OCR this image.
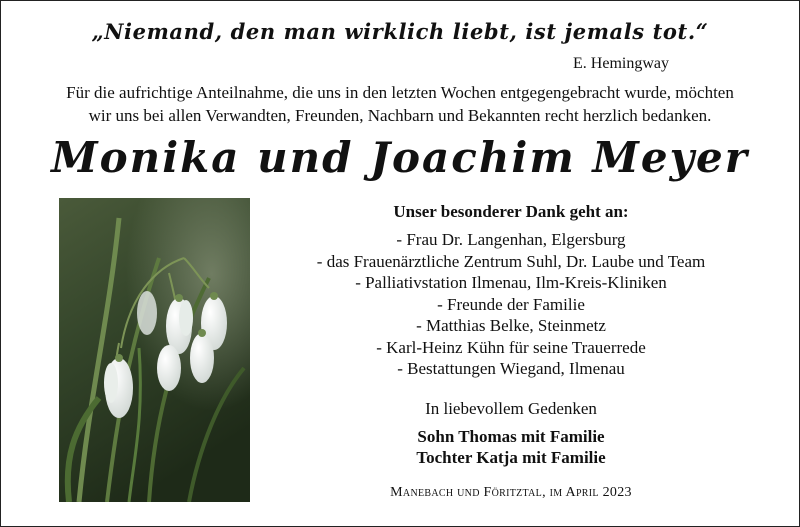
„Niemand, den man wirklich liebt, ist jemals tot.“
E. Hemingway
Für die aufrichtige Anteilnahme, die uns in den letzten Wochen entgegengebracht wurde, möchten
wir uns bei allen Verwandten, Freunden, Nachbarn und Bekannten recht herzlich bedanken.
Monika und Joachim Meyer
Unser besonderer Dank geht an:
- Frau Dr. Langenhan, Elgersburg
- das Frauenärztliche Zentrum Suhl, Dr. Laube und Team
- Palliativstation Ilmenau, Ilm-Kreis-Kliniken
- Freunde der Familie
- Matthias Belke, Steinmetz
- Karl-Heinz Kühn für seine Trauerrede
- Bestattungen Wiegand, Ilmenau
In liebevollem Gedenken
Sohn Thomas mit Familie
Tochter Katja mit Familie
Manebach und Föritztal, im April 2023
